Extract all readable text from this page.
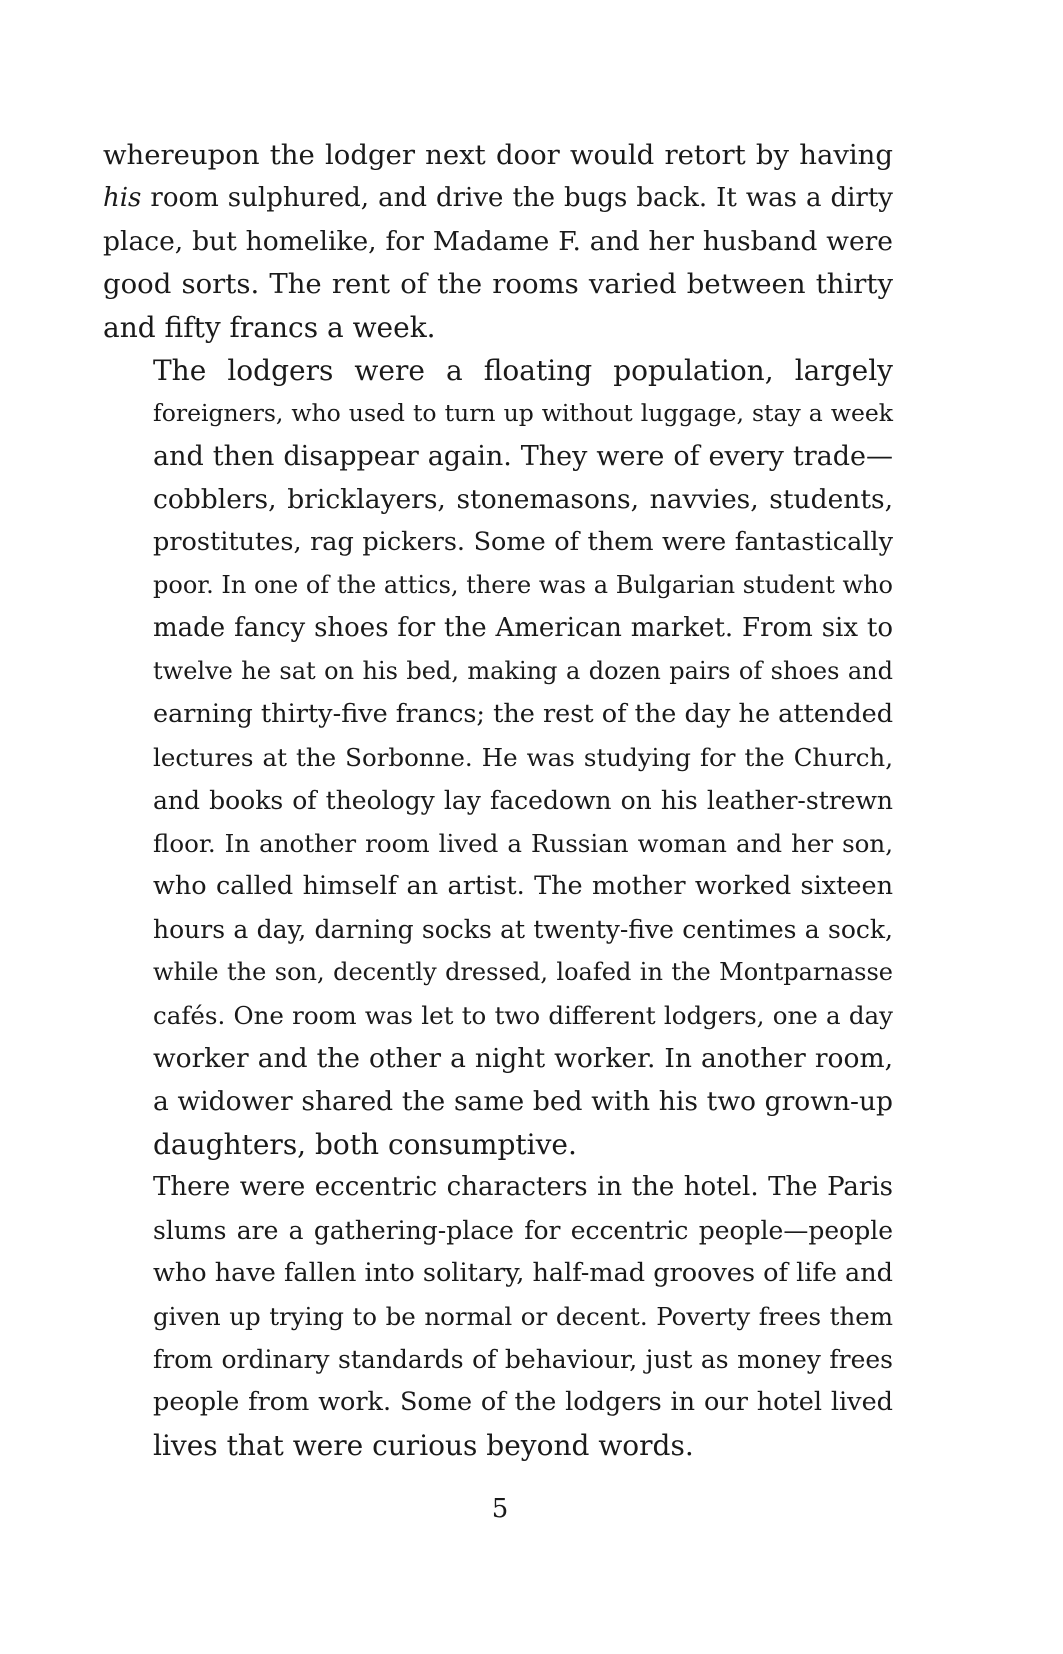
whereupon the lodger next door would retort by having
his room sulphured, and drive the bugs back. It was a dirty
place, but homelike, for Madame F. and her husband were
good sorts. The rent of the rooms varied between thirty
and fifty francs a week.

The lodgers were a floating population, largely
foreigners, who used to turn up without luggage, stay a week
and then disappear again. They were of every trade—
cobblers, bricklayers, stonemasons, navvies, students,
prostitutes, rag pickers. Some of them were fantastically
poor. In one of the attics, there was a Bulgarian student who
made fancy shoes for the American market. From six to
twelve he sat on his bed, making a dozen pairs of shoes and
earning thirty-five francs; the rest of the day he attended
lectures at the Sorbonne. He was studying for the Church,
and books of theology lay facedown on his leather-strewn
floor. In another room lived a Russian woman and her son,
who called himself an artist. The mother worked sixteen
hours a day, darning socks at twenty-five centimes a sock,
while the son, decently dressed, loafed in the Montparnasse
cafés. One room was let to two different lodgers, one a day
worker and the other a night worker. In another room,
a widower shared the same bed with his two grown-up
daughters, both consumptive.

There were eccentric characters in the hotel. The Paris
slums are a gathering-place for eccentric people—people
who have fallen into solitary, half-mad grooves of life and
given up trying to be normal or decent. Poverty frees them
from ordinary standards of behaviour, just as money frees
people from work. Some of the lodgers in our hotel lived
lives that were curious beyond words.

5
